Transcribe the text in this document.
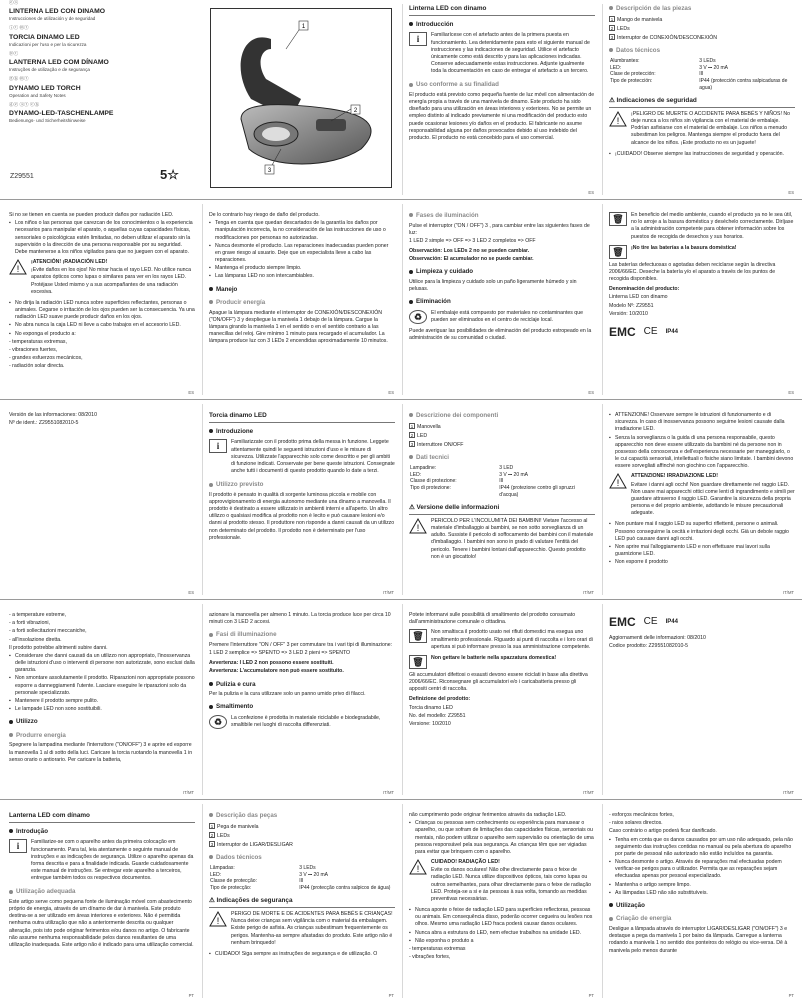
ⓔⓢ
LINTERNA LED CON DINAMO
Instrucciones de utilización y de seguridad
ⓘⓣ ⓜⓣ
TORCIA DINAMO LED
Indicazioni per l'uso e per la sicurezza
ⓟⓣ
LANTERNA LED COM DÍNAMO
Instruções de utilização e de segurança
ⓖⓑ ⓜⓣ
DYNAMO LED TORCH
Operation and Safety Notes
ⓓⓔ ⓐⓣ ⓒⓗ
DYNAMO-LED-TASCHENLAMPE
Bedienungs- und Sicherheitshinweise
Z29551	5☆
1
2
3
Linterna LED con dinamo
Introducción
i	Familiarícese con el artefacto antes de la primera puesta en funcionamiento. Lea detenidamente para esto el siguiente manual de instrucciones y las indicaciones de seguridad. Utilice el artefacto únicamente como está descrito y para las aplicaciones indicadas. Conserve adecuadamente estas instrucciones. Adjunte igualmente toda la documentación en caso de entregar el artefacto a un tercero.

Uso conforme a su finalidad

El producto está previsto como pequeña fuente de luz móvil con alimentación de energía propia a través de una manivela de dinamo. Este producto ha sido diseñado para una utilización en áreas interiores y exteriores. No se permite un empleo distinto al indicado previamente ni una modificación del producto esto puede ocasionar lesiones y/o daños en el producto. El fabricante no asume responsabilidad alguna por daños provocados debido al uso indebido del producto. El producto no está concebido para el uso comercial.

ES
Descripción de las piezas

1 Mango de manivela

2 LEDs

3 Interruptor de CONEXIÓN/DESCONEXIÓN

Datos técnicos
Alumbrantes:	3 LEDs
LED:	3 V ⎓ 20 mA
Clase de protección:	III
Tipo de protección:	IP44 (protección contra salpicaduras de agua)
⚠ Indicaciones de seguridad
!

¡PELIGRO DE MUERTE O ACCIDENTE PARA BEBÉS Y NIÑOS! No deje nunca a los niños sin vigilancia con el material de embalaje. Podrían asfixiarse con el material de embalaje. Los niños a menudo subestiman los peligros. Mantenga siempre el producto fuera del alcance de los niños. ¡Este producto no es un juguete!

▪ ¡CUIDADO! Observe siempre las instrucciones de seguridad y operación.

ES

Si no se tienen en cuenta se pueden producir daños por radiación LED.

▪ Los niños o las personas que carezcan de los conocimientos o la experiencia necesarios para manipular el aparato, o aquellas cuyas capacidades físicas, sensoriales o psicológicas estén limitadas, no deben utilizar el aparato sin la supervisión o la dirección de una persona responsable por su seguridad. Debe mantenerse a los niños vigilados para que no jueguen con el aparato.

!

¡ATENCIÓN! ¡RADIACIÓN LED!

¡Evite daños en los ojos! No mirar hacia el rayo LED. No utilice nunca aparatos ópticos como lupas o similares para ver en los rayos LED. Protéjase Usted mismo y a sus acompañantes de una radiación excesiva.

▪ No dirija la radiación LED nunca sobre superficies reflectantes, personas o animales. Cegarse o irritación de los ojos pueden ser la consecuencia. Ya una radiación LED suave puede producir daños en los ojos.

▪ No abra nunca la caja LED ni lleve a cabo trabajos en el accesorio LED.

▪ No exponga el producto a:

- temperaturas extremas,

- vibraciones fuertes,

- grandes esfuerzos mecánicos,

- radiación solar directa.

ES

De lo contrario hay riesgo de daño del producto.

▪ Tenga en cuenta que quedan descartados de la garantía los daños por manipulación incorrecta, la no consideración de las instrucciones de uso o modificaciones por personas no autorizadas.

▪ Nunca desmonte el producto. Las reparaciones inadecuadas pueden poner en grave riesgo al usuario. Deje que un especialista lleve a cabo las reparaciones.

▪ Mantenga el producto siempre limpio.

▪ Las lámparas LED no son intercambiables.

Manejo
Producir energía

Apague la lámpara mediante el interruptor de CONEXIÓN/DESCONEXIÓN ("ON/OFF") 3 y despliegue la manivela 1 debajo de la lámpara. Cargue la lámpara girando la manivela 1 en el sentido o en el sentido contrario a las manecillas del reloj. Gire mínimo 1 minuto para recargado el acumulador. La lámpara produce luz con 3 LEDs 2 encendidas aproximadamente 10 minutos.

ES
Fases de iluminación

Pulse el interruptor ("ON / OFF") 3 , para cambiar entre las siguientes fases de luz:

1 LED 2 simple => OFF => 3 LED 2 completos => OFF

Observación: Los LEDs 2 no se pueden cambiar.

Observación: El acumulador no se puede cambiar.

Limpieza y cuidado

Utilice para la limpieza y cuidado solo un paño ligeramente húmedo y sin pelusas.

Eliminación
♻	El embalaje está compuesto por materiales no contaminantes que pueden ser eliminados en el centro de reciclaje local.

Puede averiguar las posibilidades de eliminación del producto estropeado en la administración de su comunidad o ciudad.

ES
🗑	En beneficio del medio ambiente, cuando el producto ya no le sea útil, no lo arroje a la basura doméstica y deséchelo correctamente. Diríjase a la administración competente para obtener información sobre los puestos de recogida de desechos y sus horarios.

🗑	¡No tire las baterías a la basura doméstica!

Las baterías defectuosas o agotadas deben reciclarse según la directiva 2006/66/EC. Deseche la batería y/o el aparato a través de los puntos de recogida disponibles.

Denominación del producto:

Linterna LED con dinamo

Modelo Nº: Z29551

Versión: 10/2010

EMC CE IP44
ES

Versión de las informaciones: 08/2010

Nº de ident.: Z29551082010-5

ES
Torcia dinamo LED
Introduzione
i	Familiarizzate con il prodotto prima della messa in funzione. Leggete attentamente quindi le seguenti istruzioni d'uso e le misure di sicurezza. Utilizzate l'apparecchio solo come descritto e per gli ambiti di funzione indicati. Conservate per bene queste istruzioni. Consegnate anche tutti i documenti di questo prodotto quando lo date a terzi.

Utilizzo previsto

Il prodotto è pensato in qualità di sorgente luminosa piccola e mobile con approvvigionamento di energia autonomo mediante una dinamo a manovella. Il prodotto è destinato a essere utilizzato in ambienti interni e all'aperto. Un altro utilizzo o qualsiasi modifica al prodotto non è lecito e può causare lesioni e/o danni al prodotto stesso. Il produttore non risponde a danni causati da un utilizzo non determinato del prodotto. Il prodotto non è determinato per l'uso professionale.

IT/MT
Descrizione dei componenti

1 Manovella

2 LED

3 Interruttore ON/OFF

Dati tecnici
Lampadine:	3 LED
LED:	3 V ⎓ 20 mA
Classe di protezione:	III
Tipo di protezione:	IP44 (protezione contro gli spruzzi d'acqua)
⚠ Versione delle informazioni
!

PERICOLO PER L'INCOLUMITÀ DEI BAMBINI! Vietare l'accesso al materiale d'imballaggio ai bambini, se non sotto sorveglianza di un adulto. Sussiste il pericolo di soffocamento dei bambini con il materiale d'imballaggio. I bambini non sono in grado di valutare l'entità del pericolo. Tenere i bambini lontani dall'apparecchio. Questo prodotto non è un giocattolo!

IT/MT

▪ ATTENZIONE! Osservare sempre le istruzioni di funzionamento e di sicurezza. In caso di inosservanza possono seguirne lesioni causate dalla irradiazione LED.

▪ Senza la sorveglianza o la guida di una persona responsabile, questo apparecchio non deve essere utilizzato da bambini né da persone non in possesso della conoscenza e dell'esperienza necessarie per maneggiarlo, o le cui capacità sensoriali, intellettuali o fisiche siano limitate. I bambini devono essere sorvegliati affinché non giochino con l'apparecchio.

!

ATTENZIONE! IRRADIAZIONE LED!

Evitare i danni agli occhi! Non guardare direttamente nel raggio LED. Non usare mai apparecchi ottici come lenti di ingrandimento e simili per guardare attraverso il raggio LED. Garantire la sicurezza della propria persona e del proprio ambiente, adottando le misure precauzionali adeguate.

▪ Non puntare mai il raggio LED su superfici riflettenti, persone o animali. Possono conseguirne la cecità e irritazioni degli occhi. Già un debole raggio LED può causare danni agli occhi.

▪ Non aprire mai l'alloggiamento LED e non effettuare mai lavori sulla guarnizione LED.

▪ Non esporre il prodotto

IT/MT

- a temperature estreme,

- a forti vibrazioni,

- a forti sollecitazioni meccaniche,

- all'insolazione diretta.

Il prodotto potrebbe altrimenti subire danni.

▪ Considerare che danni causati da un utilizzo non appropriato, l'inosservanza delle istruzioni d'uso o interventi di persone non autorizzate, sono esclusi dalla garanzia.

▪ Non smontare assolutamente il prodotto. Riparazioni non appropriate possono esporre a danneggiamenti l'utente. Lasciare eseguire le riparazioni solo da personale specializzato.

▪ Mantenere il prodotto sempre pulito.

▪ Le lampade LED non sono sostituibili.

Utilizzo
Produrre energia

Spegnere la lampadina mediante l'interruttore ("ON/OFF") 3 e aprire ed esporre la manovella 1 al di sotto della luci. Caricare la torcia ruotando la manovella 1 in senso orario o antiorario. Per caricare la batteria,

IT/MT

azionare la manovella per almeno 1 minuto. La torcia produce luce per circa 10 minuti con 3 LED 2 accesi.

Fasi di illuminazione

Premere l'interruttore "ON / OFF" 3 per commutare tra i vari tipi di illuminazione:

1 LED 2 semplice => SPENTO => 3 LED 2 pieni => SPENTO

Avvertenza: I LED 2 non possono essere sostituiti.

Avvertenza: L'accumulatore non può essere sostituito.

Pulizia e cura

Per la pulizia e la cura utilizzare solo un panno umido privo di filacci.

Smaltimento
♻	La confezione è prodotta in materiale riciclabile e biodegradabile, smaltibile nei luoghi di raccolta differenziati.

IT/MT

Potete informarvi sulle possibilità di smaltimento del prodotto consumato dall'amministrazione comunale o cittadina.

🗑	Non smaltisca il prodotto usato nei rifiuti domestici ma esegua uno smaltimento professionale. Riguardo ai punti di raccolta e i loro orari di apertura si può informare presso la sua amministrazione competente.

🗑	Non gettare le batterie nella spazzatura domestica!

Gli accumulatori difettosi o esausti devono essere riciclati in base alla direttiva 2006/66/EC. Riconsegnare gli accumulatori e/o i caricabatteria presso gli appositi centri di raccolta.

Definizione del prodotto:

Torcia dinamo LED

No. del modello: Z29551

Versione: 10/2010

IT/MT
EMC CE IP44

Aggiornamenti delle informazioni: 08/2010

Codice prodotto: Z29551082010-5

IT/MT
Lanterna LED com dínamo
Introdução
i	Familiarize-se com o aparelho antes da primeira colocação em funcionamento. Para tal, leia atentamente o seguinte manual de instruções e as indicações de segurança. Utilize o aparelho apenas da forma descrita e para a finalidade indicada. Guarde cuidadosamente este manual de instruções. Se entregar este aparelho a terceiros, entregue também todos os respectivos documentos.

Utilização adequada

Este artigo serve como pequena fonte de iluminação móvel com abastecimento próprio de energia, através de um dínamo de dar à manivela. Este produto destina-se a ser utilizado em áreas interiores e exteriores. Não é permitida nenhuma outra utilização que não a anteriormente descrita ou qualquer alteração, pois isto pode originar ferimentos e/ou danos no artigo. O fabricante não assume nenhuma responsabilidade pelos danos resultantes de uma utilização inadequada. Este artigo não é indicado para uma utilização comercial.

PT
Descrição das peças

1 Pega de manivela

2 LEDs

3 Interruptor de LIGAR/DESLIGAR

Dados técnicos
Lâmpadas:	3 LEDs
LED:	3 V ⎓ 20 mA
Classe de protecção:	III
Tipo de protecção:	IP44 (protecção contra salpicos de água)
⚠ Indicações de segurança
!

PERIGO DE MORTE E DE ACIDENTES PARA BEBÉS E CRIANÇAS! Nunca deixe crianças sem vigilância com o material da embalagem. Existe perigo de asfixia. As crianças subestimam frequentemente os perigos. Mantenha-as sempre afastadas do produto. Este artigo não é nenhum brinquedo!

▪ CUIDADO! Siga sempre as instruções de segurança e de utilização. O

PT

não cumprimento pode originar ferimentos através da radiação LED.

▪ Crianças ou pessoas sem conhecimento ou experiência para manusear o aparelho, ou que sofram de limitações das capacidades físicas, sensoriais ou mentais, não podem utilizar o aparelho sem supervisão ou orientação de uma pessoa responsável pela sua segurança. As crianças têm que ser vigiadas para evitar que brinquem com o aparelho.

!

CUIDADO! RADIAÇÃO LED!

Evite os danos oculares! Não olhe directamente para o feixe de radiação LED. Nunca utilize dispositivos ópticos, tais como lupas ou outros semelhantes, para olhar directamente para o feixe de radiação LED. Proteja-se a si e às pessoas à sua volta, tomando as medidas preventivas necessárias.

▪ Nunca aponte o feixe de radiação LED para superfícies reflectoras, pessoas ou animais. Em consequência disso, poderão ocorrer cegueira ou lesões nos olhos. Mesmo uma radiação LED fraca poderá causar danos oculares.

▪ Nunca abra a estrutura do LED, nem efectue trabalhos na unidade LED.

▪ Não exponha o produto a

- temperaturas extremas

- vibrações fortes,

PT

- esforços mecânicos fortes,

- raios solares directos.

Caso contrário o artigo poderá ficar danificado.

▪ Tenha em conta que os danos causados por um uso não adequado, pela não seguimento das instruções contidas no manual ou pela abertura do aparelho por parte de pessoal não autorizado não estão incluídos na garantia.

▪ Nunca desmonte o artigo. Através de reparações mal efectuadas podem verificar-se perigos para o utilizador. Permita que as reparações sejam efectuadas apenas por pessoal especializado.

▪ Mantenha o artigo sempre limpo.

▪ As lâmpadas LED não são substituíveis.

Utilização
Criação de energia

Desligue a lâmpada através do interruptor LIGAR/DESLIGAR ("ON/OFF") 3 e destaque a pega da manivela 1 por baixo da lâmpada. Carregue a lanterna rodando a manivela 1 no sentido dos ponteiros do relógio ou vice-versa. Dê à manivela pelo menos durante

PT
